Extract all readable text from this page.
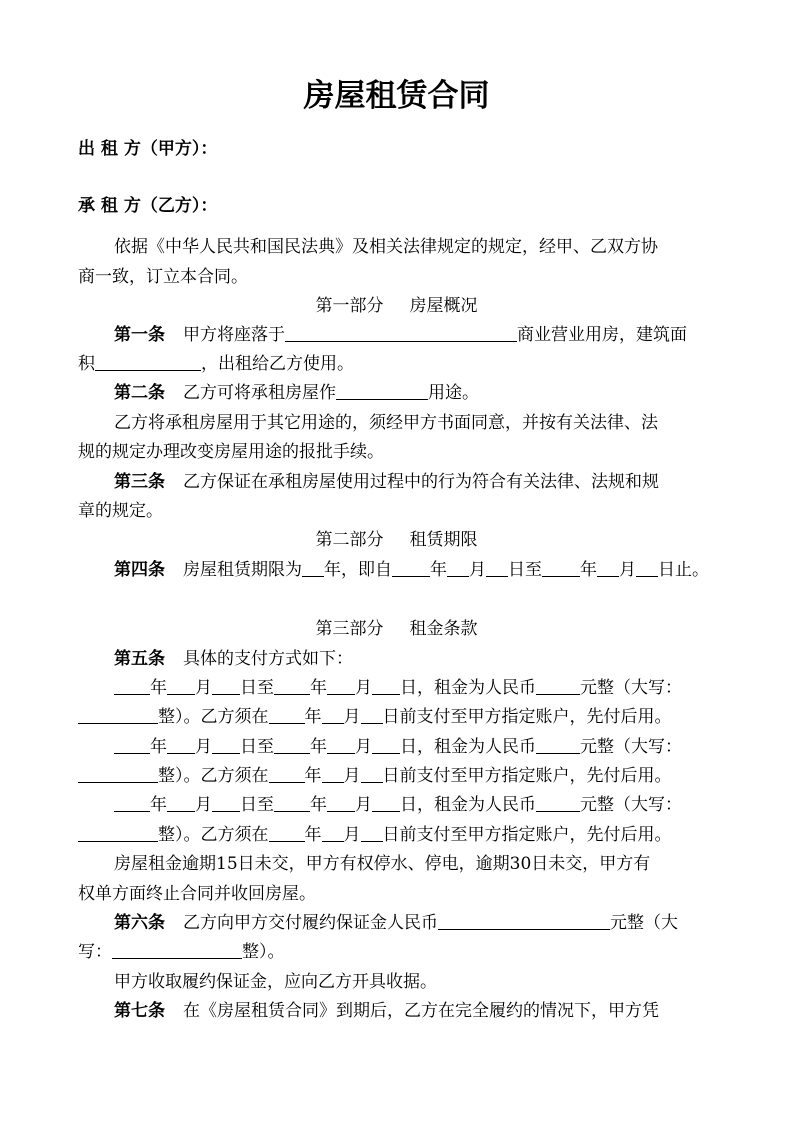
房屋租赁合同
出 租 方（甲方）：
承 租 方（乙方）：
依据《中华人民共和国民法典》及相关法律规定的规定，经甲、乙双方协
商一致，订立本合同。
第一部分 房屋概况
第一条 甲方将座落于	商业营业用房，建筑面
积	，出租给乙方使用。
第二条 乙方可将承租房屋作	用途。
乙方将承租房屋用于其它用途的，须经甲方书面同意，并按有关法律、法
规的规定办理改变房屋用途的报批手续。
第三条 乙方保证在承租房屋使用过程中的行为符合有关法律、法规和规
章的规定。
第二部分 租赁期限
第四条 房屋租赁期限为 年，即自 年 月 日至 年 月 日止。
第三部分 租金条款
第五条 具体的支付方式如下：
年 月 日至 年 月 日，租金为人民币	元整（大写：
整）。乙方须在 年 月 日前支付至甲方指定账户，先付后用。
年 月 日至 年 月 日，租金为人民币	元整（大写：
整）。乙方须在 年 月 日前支付至甲方指定账户，先付后用。
年 月 日至 年 月 日，租金为人民币	元整（大写：
整）。乙方须在 年 月 日前支付至甲方指定账户，先付后用。
房屋租金逾期15日未交，甲方有权停水、停电，逾期30日未交，甲方有
权单方面终止合同并收回房屋。
第六条 乙方向甲方交付履约保证金人民币	元整（大
写：	整）。
甲方收取履约保证金，应向乙方开具收据。
第七条 在《房屋租赁合同》到期后，乙方在完全履约的情况下，甲方凭
